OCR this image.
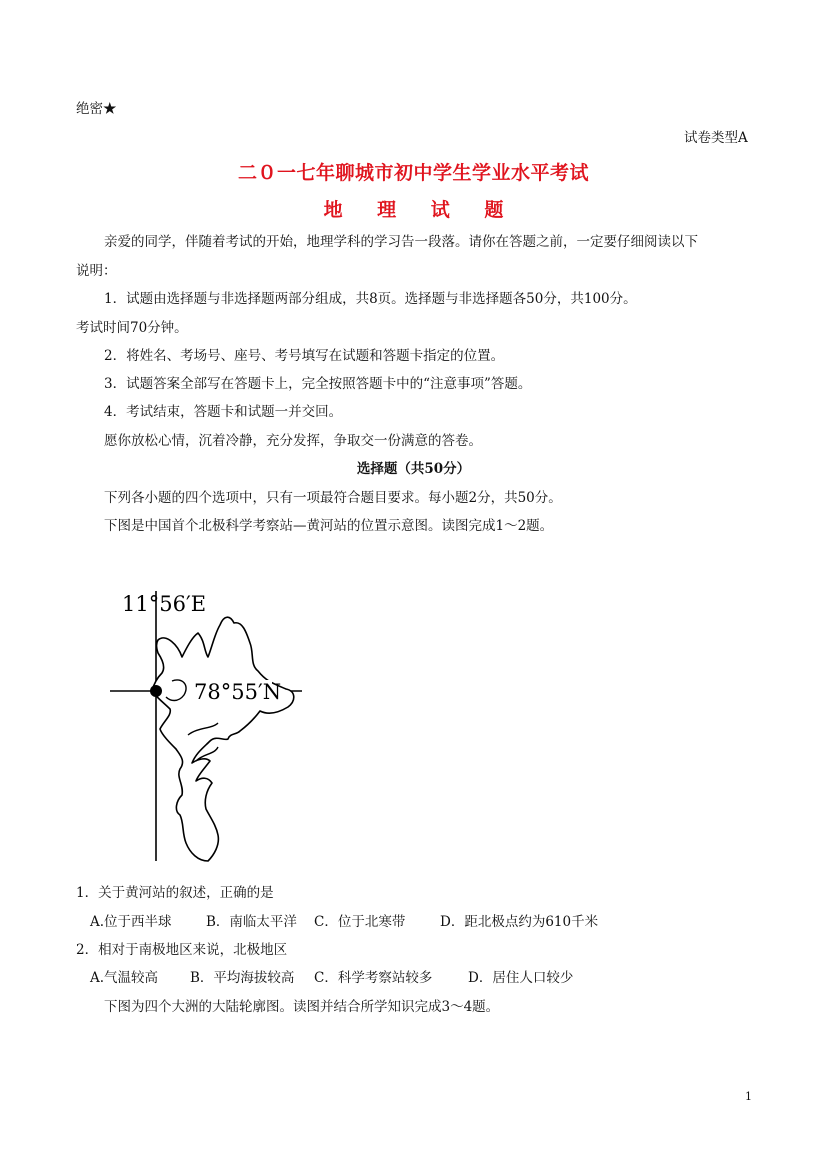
绝密★
试卷类型A
二０一七年聊城市初中学生学业水平考试
地 理 试 题
亲爱的同学，伴随着考试的开始，地理学科的学习告一段落。请你在答题之前，一定要仔细阅读以下
说明：
1．试题由选择题与非选择题两部分组成，共8页。选择题与非选择题各50分，共100分。
考试时间70分钟。
2．将姓名、考场号、座号、考号填写在试题和答题卡指定的位置。
3．试题答案全部写在答题卡上，完全按照答题卡中的“注意事项”答题。
4．考试结束，答题卡和试题一并交回。
愿你放松心情，沉着冷静，充分发挥，争取交一份满意的答卷。
选择题（共50分）
下列各小题的四个选项中，只有一项最符合题目要求。每小题2分，共50分。
下图是中国首个北极科学考察站—黄河站的位置示意图。读图完成1～2题。
11°56′E
78°55′N
1．关于黄河站的叙述，正确的是
A.位于西半球	B．南临太平洋 C．位于北寒带	D．距北极点约为610千米
2．相对于南极地区来说，北极地区
A.气温较高 B．平均海拔较高 C．科学考察站较多	D．居住人口较少
下图为四个大洲的大陆轮廓图。读图并结合所学知识完成3～4题。
1
